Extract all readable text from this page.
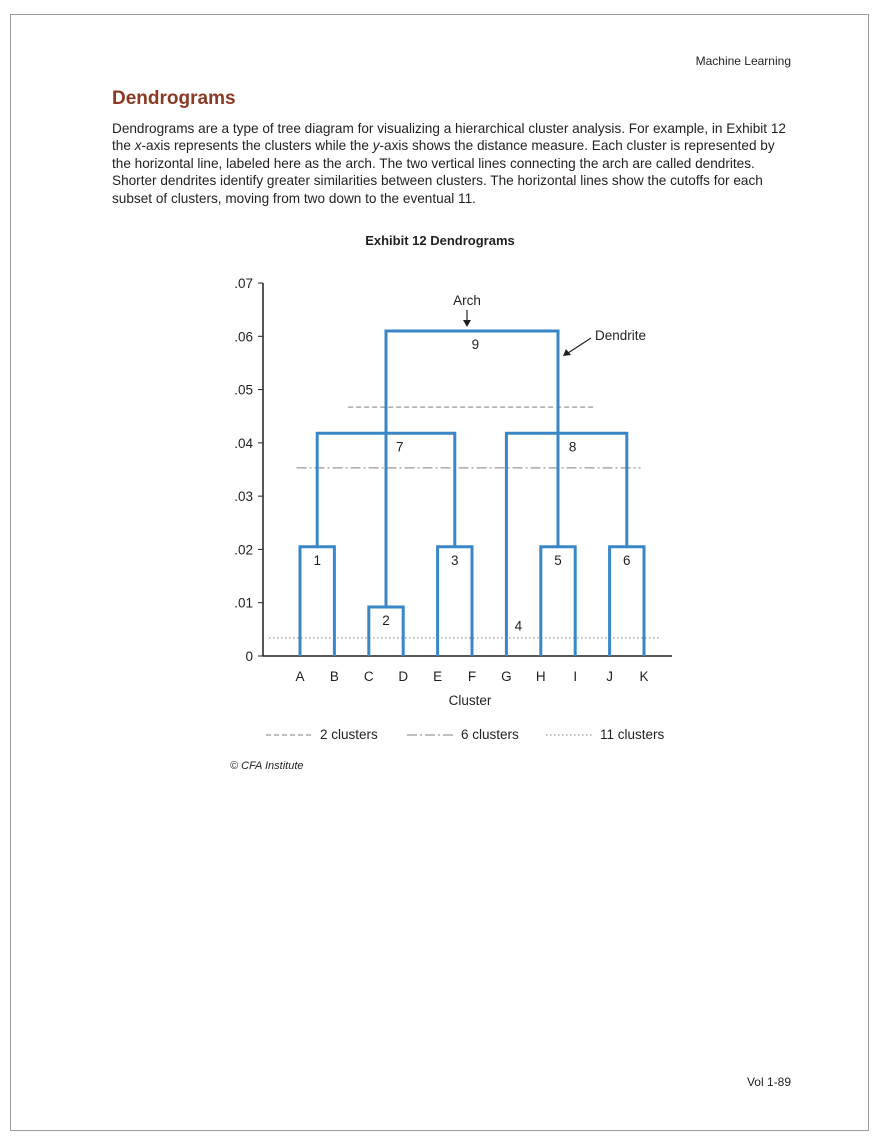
Machine Learning
Dendrograms
Dendrograms are a type of tree diagram for visualizing a hierarchical cluster analysis. For example, in Exhibit 12 the x-axis represents the clusters while the y-axis shows the distance measure. Each cluster is represented by the horizontal line, labeled here as the arch. The two vertical lines connecting the arch are called dendrites. Shorter dendrites identify greater similarities between clusters. The horizontal lines show the cutoffs for each subset of clusters, moving from two down to the eventual 11.
Exhibit 12 Dendrograms
0
.01
.02
.03
.04
.05
.06
.07
A B C D E F G H I J K
Cluster
1
2
3
4
5	6
7	8
9
Arch
Dendrite
2 clusters	6 clusters	11 clusters
© CFA Institute
Vol 1-89
